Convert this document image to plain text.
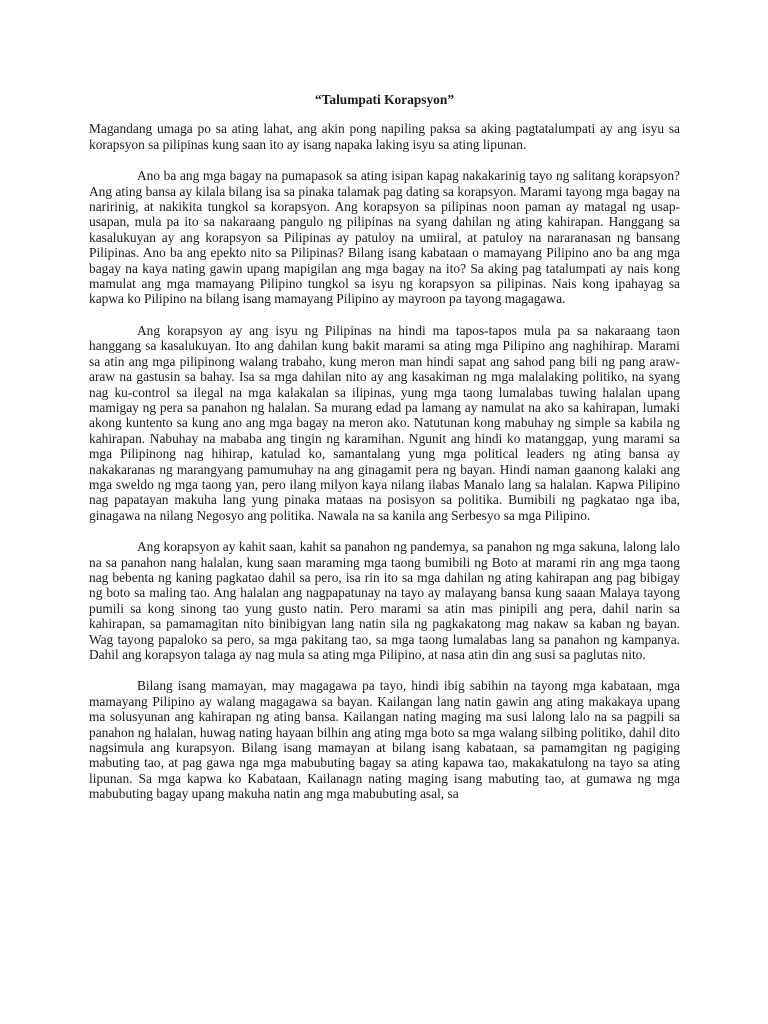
“Talumpati Korapsyon”

Magandang umaga po sa ating lahat, ang akin pong napiling paksa sa aking pagtatalumpati ay ang isyu sa korapsyon sa pilipinas kung saan ito ay isang napaka laking isyu sa ating lipunan.

Ano ba ang mga bagay na pumapasok sa ating isipan kapag nakakarinig tayo ng salitang korapsyon? Ang ating bansa ay kilala bilang isa sa pinaka talamak pag dating sa korapsyon. Marami tayong mga bagay na naririnig, at nakikita tungkol sa korapsyon. Ang korapsyon sa pilipinas noon paman ay matagal ng usap-usapan, mula pa ito sa nakaraang pangulo ng pilipinas na syang dahilan ng ating kahirapan. Hanggang sa kasalukuyan ay ang korapsyon sa Pilipinas ay patuloy na umiiral, at patuloy na nararanasan ng bansang Pilipinas. Ano ba ang epekto nito sa Pilipinas? Bilang isang kabataan o mamayang Pilipino ano ba ang mga bagay na kaya nating gawin upang mapigilan ang mga bagay na ito? Sa aking pag tatalumpati ay nais kong mamulat ang mga mamayang Pilipino tungkol sa isyu ng korapsyon sa pilipinas. Nais kong ipahayag sa kapwa ko Pilipino na bilang isang mamayang Pilipino ay mayroon pa tayong magagawa.

Ang korapsyon ay ang isyu ng Pilipinas na hindi ma tapos-tapos mula pa sa nakaraang taon hanggang sa kasalukuyan. Ito ang dahilan kung bakit marami sa ating mga Pilipino ang naghihirap. Marami sa atin ang mga pilipinong walang trabaho, kung meron man hindi sapat ang sahod pang bili ng pang araw-araw na gastusin sa bahay. Isa sa mga dahilan nito ay ang kasakiman ng mga malalaking politiko, na syang nag ku-control sa ilegal na mga kalakalan sa ilipinas, yung mga taong lumalabas tuwing halalan upang mamigay ng pera sa panahon ng halalan. Sa murang edad pa lamang ay namulat na ako sa kahirapan, lumaki akong kuntento sa kung ano ang mga bagay na meron ako. Natutunan kong mabuhay ng simple sa kabila ng kahirapan. Nabuhay na mababa ang tingin ng karamihan. Ngunit ang hindi ko matanggap, yung marami sa mga Pilipinong nag hihirap, katulad ko, samantalang yung mga political leaders ng ating bansa ay nakakaranas ng marangyang pamumuhay na ang ginagamit pera ng bayan. Hindi naman gaanong kalaki ang mga sweldo ng mga taong yan, pero ilang milyon kaya nilang ilabas Manalo lang sa halalan. Kapwa Pilipino nag papatayan makuha lang yung pinaka mataas na posisyon sa politika. Bumibili ng pagkatao nga iba, ginagawa na nilang Negosyo ang politika. Nawala na sa kanila ang Serbesyo sa mga Pilipino.

Ang korapsyon ay kahit saan, kahit sa panahon ng pandemya, sa panahon ng mga sakuna, lalong lalo na sa panahon nang halalan, kung saan maraming mga taong bumibili ng Boto at marami rin ang mga taong nag bebenta ng kaning pagkatao dahil sa pero, isa rin ito sa mga dahilan ng ating kahirapan ang pag bibigay ng boto sa maling tao. Ang halalan ang nagpapatunay na tayo ay malayang bansa kung saaan Malaya tayong pumili sa kong sinong tao yung gusto natin. Pero marami sa atin mas pinipili ang pera, dahil narin sa kahirapan, sa pamamagitan nito binibigyan lang natin sila ng pagkakatong mag nakaw sa kaban ng bayan. Wag tayong papaloko sa pero, sa mga pakitang tao, sa mga taong lumalabas lang sa panahon ng kampanya. Dahil ang korapsyon talaga ay nag mula sa ating mga Pilipino, at nasa atin din ang susi sa paglutas nito.

Bilang isang mamayan, may magagawa pa tayo, hindi ibig sabihin na tayong mga kabataan, mga mamayang Pilipino ay walang magagawa sa bayan. Kailangan lang natin gawin ang ating makakaya upang ma solusyunan ang kahirapan ng ating bansa. Kailangan nating maging ma susi lalong lalo na sa pagpili sa panahon ng halalan, huwag nating hayaan bilhin ang ating mga boto sa mga walang silbing politiko, dahil dito nagsimula ang kurapsyon. Bilang isang mamayan at bilang isang kabataan, sa pamamgitan ng pagiging mabuting tao, at pag gawa nga mga mabubuting bagay sa ating kapawa tao, makakatulong na tayo sa ating lipunan. Sa mga kapwa ko Kabataan, Kailanagn nating maging isang mabuting tao, at gumawa ng mga mabubuting bagay upang makuha natin ang mga mabubuting asal, sa
